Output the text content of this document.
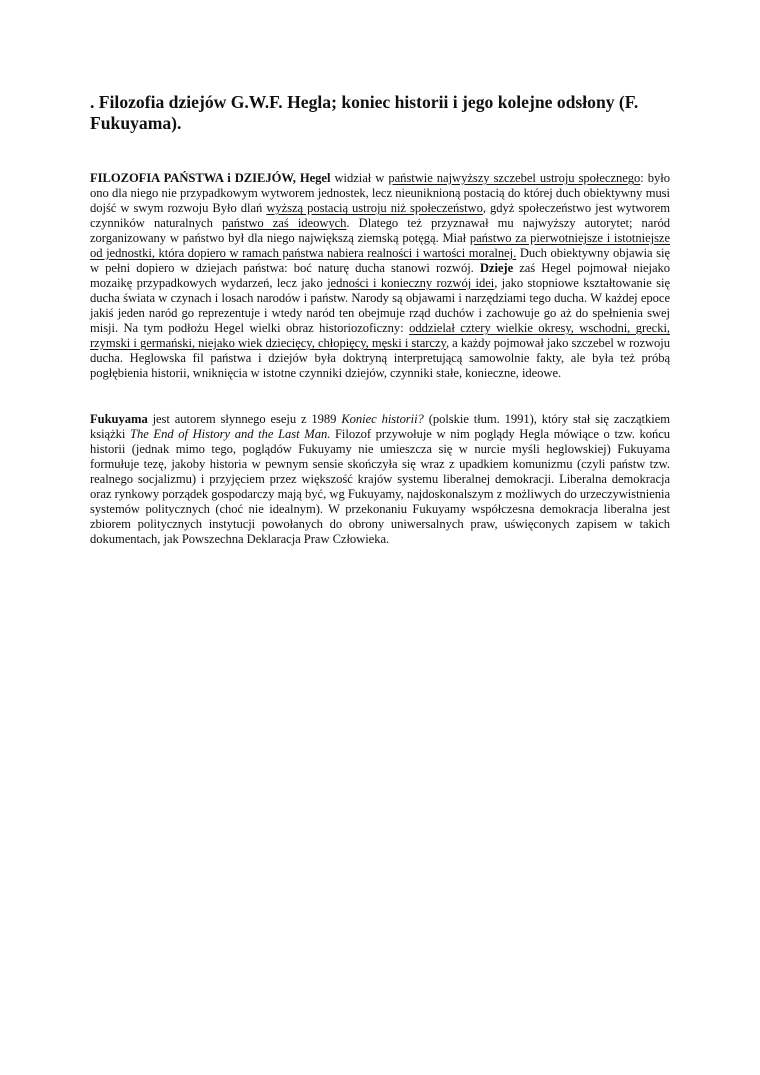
. Filozofia dziejów G.W.F. Hegla; koniec historii i jego kolejne odsłony (F. Fukuyama).

FILOZOFIA PAŃSTWA i DZIEJÓW, Hegel widział w państwie najwyższy szczebel ustroju społecznego: było ono dla niego nie przypadkowym wytworem jednostek, lecz nieuniknioną postacią do której duch obiektywny musi dojść w swym rozwoju Było dlań wyższą postacią ustroju niż społeczeństwo, gdyż społeczeństwo jest wytworem czynników naturalnych państwo zaś ideowych. Dlatego też przyznawał mu najwyższy autorytet; naród zorganizowany w państwo był dla niego największą ziemską potęgą. Miał państwo za pierwotniejsze i istotniejsze od jednostki, która dopiero w ramach państwa nabiera realności i wartości moralnej. Duch obiektywny objawia się w pełni dopiero w dziejach państwa: boć naturę ducha stanowi rozwój. Dzieje zaś Hegel pojmował niejako mozaikę przypadkowych wydarzeń, lecz jako jedności i konieczny rozwój idei, jako stopniowe kształtowanie się ducha świata w czynach i losach narodów i państw. Narody są objawami i narzędziami tego ducha. W każdej epoce jakiś jeden naród go reprezentuje i wtedy naród ten obejmuje rząd duchów i zachowuje go aż do spełnienia swej misji. Na tym podłożu Hegel wielki obraz historiozoficzny: oddzielał cztery wielkie okresy, wschodni, grecki, rzymski i germański, niejako wiek dziecięcy, chłopięcy, męski i starczy, a każdy pojmował jako szczebel w rozwoju ducha. Heglowska fil państwa i dziejów była doktryną interpretującą samowolnie fakty, ale była też próbą pogłębienia historii, wniknięcia w istotne czynniki dziejów, czynniki stałe, konieczne, ideowe.

Fukuyama jest autorem słynnego eseju z 1989 Koniec historii? (polskie tłum. 1991), który stał się zaczątkiem książki The End of History and the Last Man. Filozof przywołuje w nim poglądy Hegla mówiące o tzw. końcu historii (jednak mimo tego, poglądów Fukuyamy nie umieszcza się w nurcie myśli heglowskiej) Fukuyama formułuje tezę, jakoby historia w pewnym sensie skończyła się wraz z upadkiem komunizmu (czyli państw tzw. realnego socjalizmu) i przyjęciem przez większość krajów systemu liberalnej demokracji. Liberalna demokracja oraz rynkowy porządek gospodarczy mają być, wg Fukuyamy, najdoskonalszym z możliwych do urzeczywistnienia systemów politycznych (choć nie idealnym). W przekonaniu Fukuyamy współczesna demokracja liberalna jest zbiorem politycznych instytucji powołanych do obrony uniwersalnych praw, uświęconych zapisem w takich dokumentach, jak Powszechna Deklaracja Praw Człowieka.
